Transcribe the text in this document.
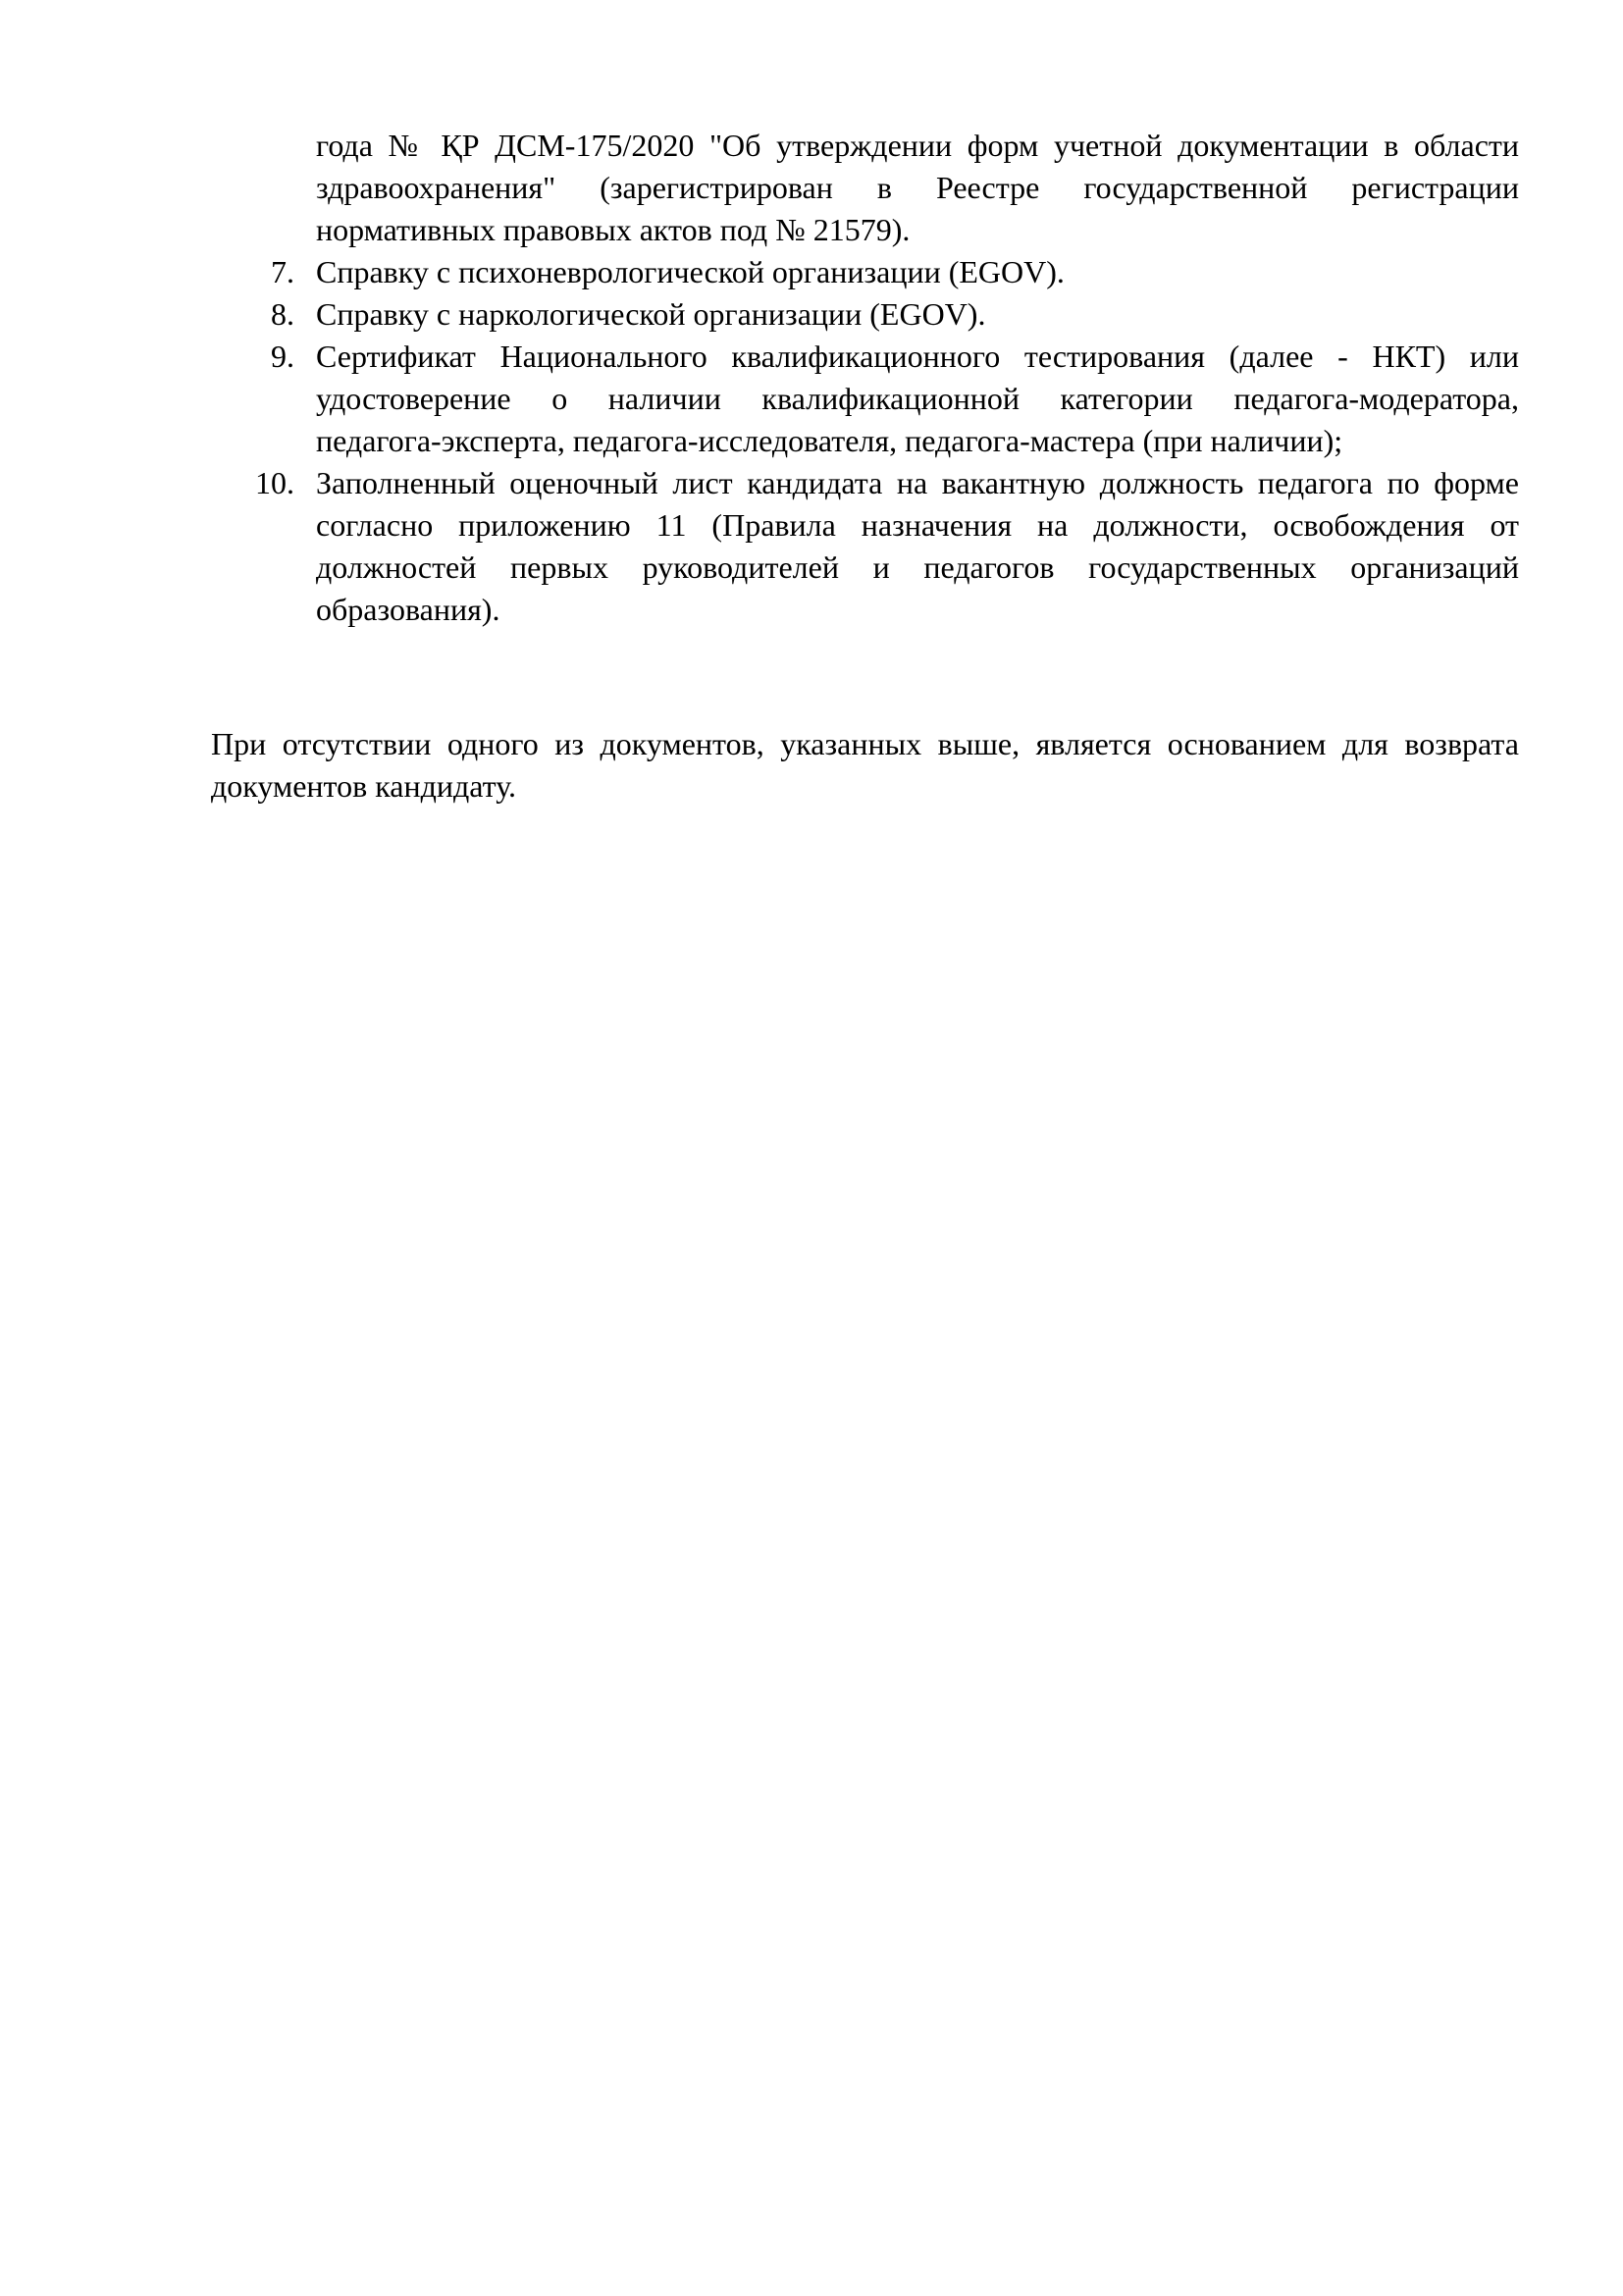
года № ҚР ДСМ-175/2020 "Об утверждении форм учетной документации в области
здравоохранения" (зарегистрирован в Реестре государственной регистрации
нормативных правовых актов под № 21579).
7. Справку с психоневрологической организации (EGOV).
8. Справку с наркологической организации (EGOV).
9. Сертификат Национального квалификационного тестирования (далее - НКТ) или
удостоверение о наличии квалификационной категории педагога-модератора,
педагога-эксперта, педагога-исследователя, педагога-мастера (при наличии);
10. Заполненный оценочный лист кандидата на вакантную должность педагога по форме
согласно приложению 11 (Правила назначения на должности, освобождения от
должностей первых руководителей и педагогов государственных организаций
образования).
При отсутствии одного из документов, указанных выше, является основанием для возврата
документов кандидату.
